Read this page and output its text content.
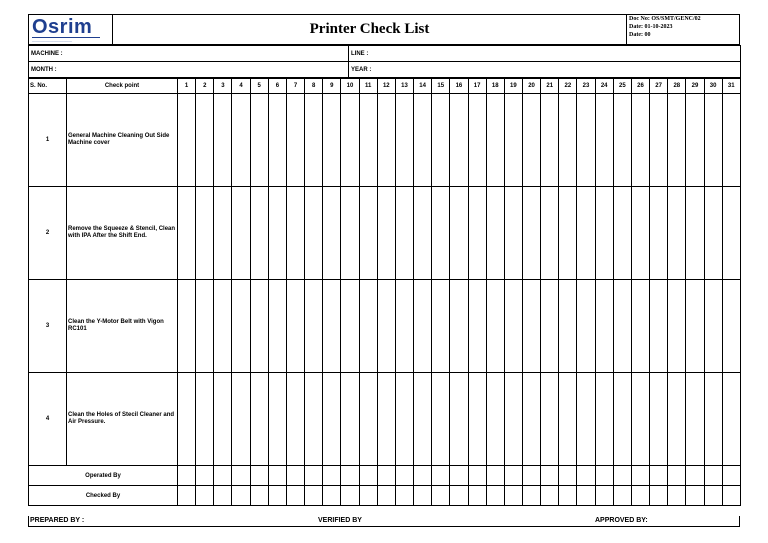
Osrim
________________________
	Printer Check List	
Doc No: OS/SMT/GENC/02
Date: 01-10-2023
Date: 00
MACHINE :	LINE :
MONTH :	YEAR :
S. No.	Check point	1	2	3	4	5	6	7	8	9	10	11	12	13	14	15	16	17	18	19	20	21	22	23	24	25	26	27	28	29	30	31
1	General Machine Cleaning Out Side Machine cover																															
2	Remove the Squeeze & Stencil, Clean with IPA After the Shift End.																															
3	Clean the Y-Motor Belt with Vigon RC101																															
4	Clean the Holes of Stecil Cleaner and Air Pressure.																															
Operated By																																
Checked By																																
PREPARED BY :	VERIFIED BY	APPROVED BY:
